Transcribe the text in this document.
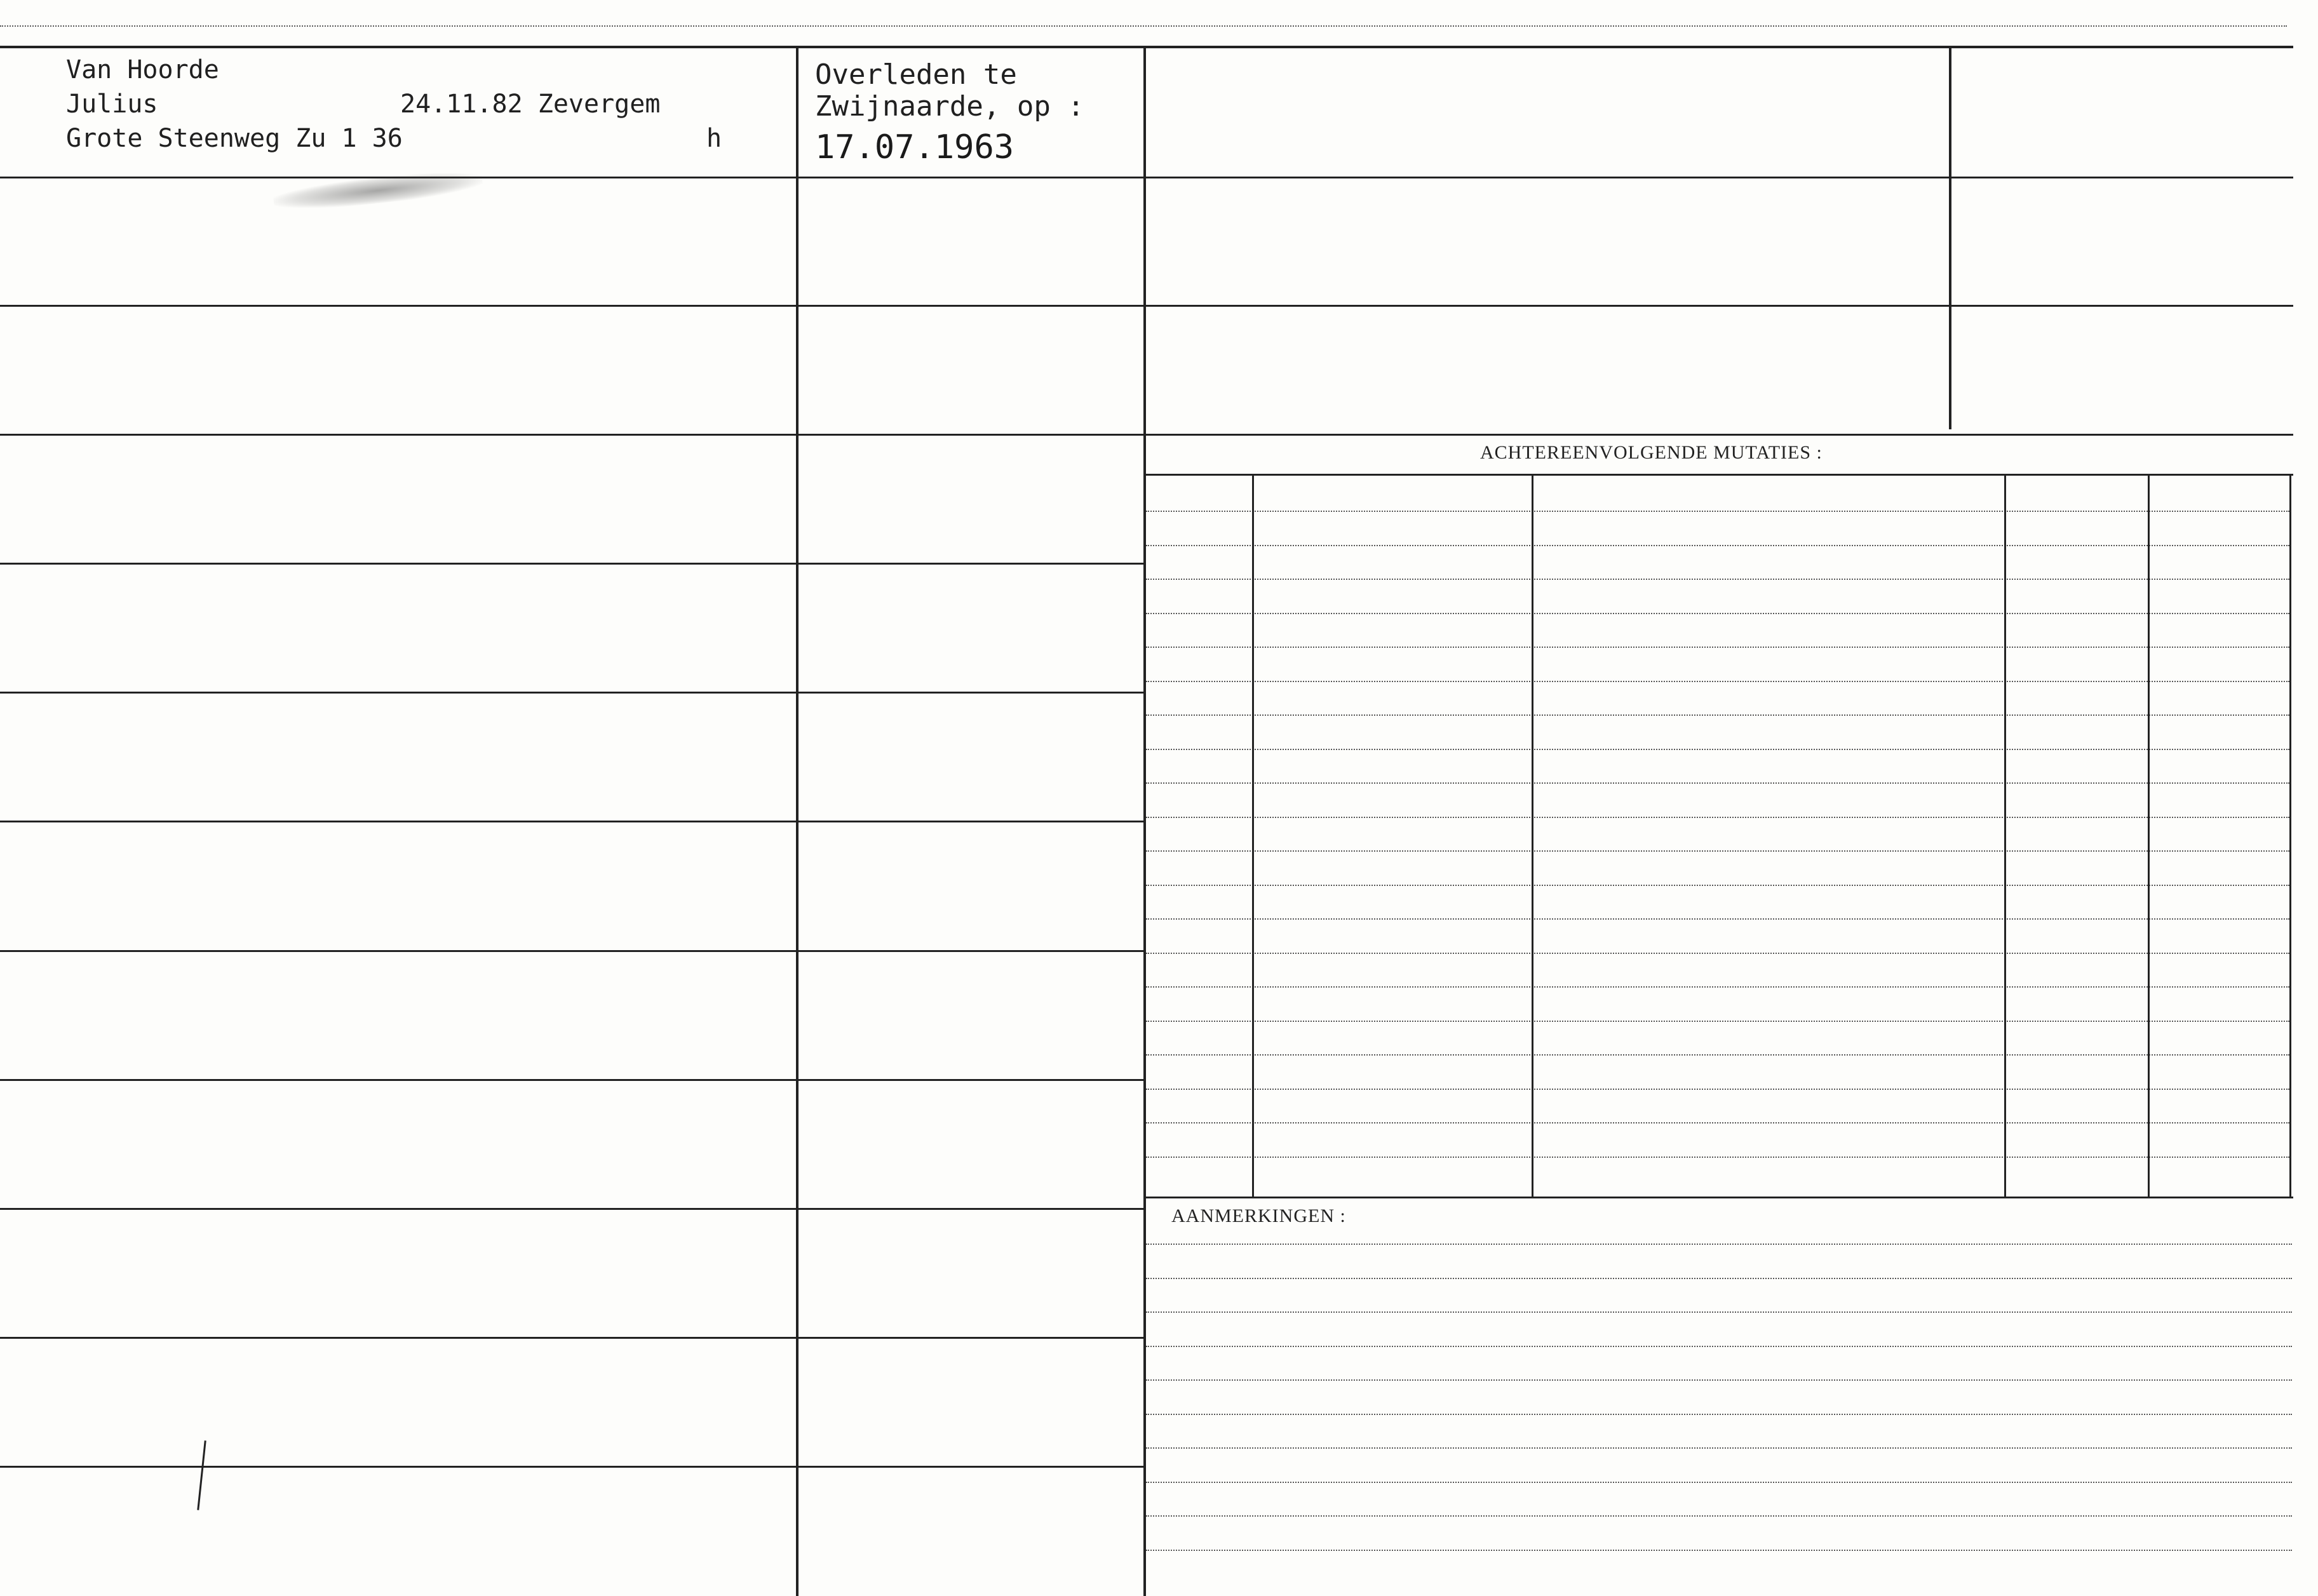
Van Hoorde
Julius	24.11.82 Zevergem
Grote Steenweg Zu 1 36	h
Overleden te
Zwijnaarde, op :
17.07.1963
ACHTEREENVOLGENDE MUTATIES :
AANMERKINGEN :
